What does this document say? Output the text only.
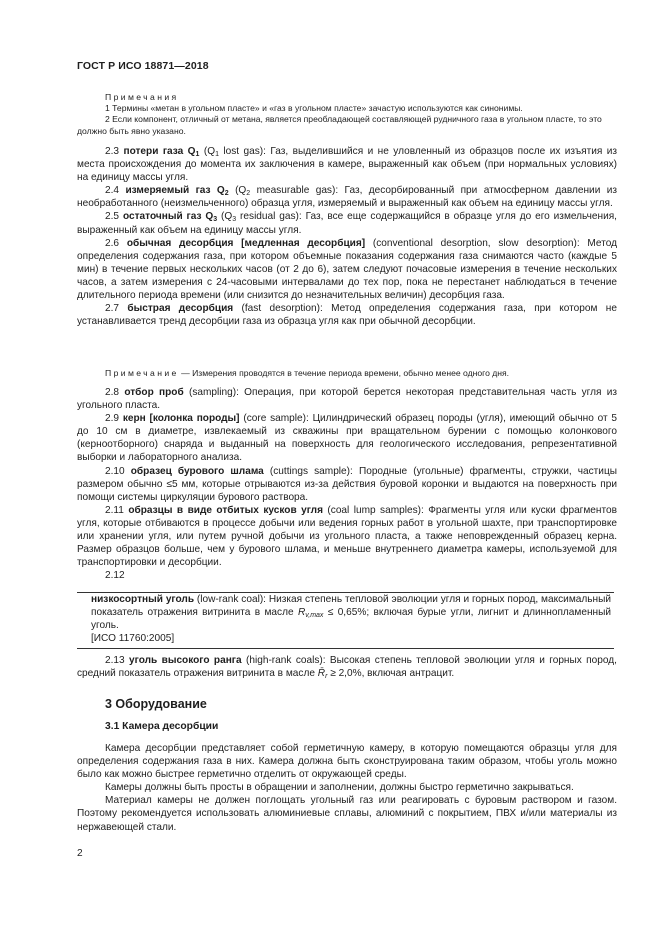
ГОСТ Р ИСО 18871—2018
Примечания
1 Термины «метан в угольном пласте» и «газ в угольном пласте» зачастую используются как синонимы.
2 Если компонент, отличный от метана, является преобладающей составляющей рудничного газа в угольном пласте, то это должно быть явно указано.

2.3 потери газа $Q_1$ ($Q_1$ lost gas): Газ, выделившийся и не уловленный из образцов после их изъятия из места происхождения до момента их заключения в камере, выраженный как объем (при нормальных условиях) на единицу массы угля.

2.4 измеряемый газ $Q_2$ ($Q_2$ measurable gas): Газ, десорбированный при атмосферном давлении из необработанного (неизмельченного) образца угля, измеряемый и выраженный как объем на единицу массы угля.

2.5 остаточный газ $Q_3$ ($Q_3$ residual gas): Газ, все еще содержащийся в образце угля до его измельчения, выраженный как объем на единицу массы угля.

2.6 обычная десорбция [медленная десорбция] (conventional desorption, slow desorption): Метод определения содержания газа, при котором объемные показания содержания газа снимаются часто (каждые 5 мин) в течение первых нескольких часов (от 2 до 6), затем следуют почасовые измерения в течение нескольких часов, а затем измерения с 24-часовыми интервалами до тех пор, пока не перестанет наблюдаться в течение длительного периода времени (или снизится до незначительных величин) десорбция газа.

2.7 быстрая десорбция (fast desorption): Метод определения содержания газа, при котором не устанавливается тренд десорбции газа из образца угля как при обычной десорбции.

Примечание — Измерения проводятся в течение периода времени, обычно менее одного дня.

2.8 отбор проб (sampling): Операция, при которой берется некоторая представительная часть угля из угольного пласта.

2.9 керн [колонка породы] (core sample): Цилиндрический образец породы (угля), имеющий обычно от 5 до 10 см в диаметре, извлекаемый из скважины при вращательном бурении с помощью колонкового (керноотборного) снаряда и выданный на поверхность для геологического исследования, репрезентативной выборки и лабораторного анализа.

2.10 образец бурового шлама (cuttings sample): Породные (угольные) фрагменты, стружки, частицы размером обычно ≤5 мм, которые отрываются из-за действия буровой коронки и выдаются на поверхность при помощи системы циркуляции бурового раствора.

2.11 образцы в виде отбитых кусков угля (coal lump samples): Фрагменты угля или куски фрагментов угля, которые отбиваются в процессе добычи или ведения горных работ в угольной шахте, при транспортировке или хранении угля, или путем ручной добычи из угольного пласта, а также неповрежденный образец керна. Размер образцов больше, чем у бурового шлама, и меньше внутреннего диаметра камеры, используемой для транспортировки и десорбции.

2.12

низкосортный уголь (low-rank coal): Низкая степень тепловой эволюции угля и горных пород, максимальный показатель отражения витринита в масле $R_{v,max} \le 0,65\%$; включая бурые угли, лигнит и длиннопламенный уголь.

[ИСО 11760:2005]

2.13 уголь высокого ранга (high-rank coals): Высокая степень тепловой эволюции угля и горных пород, средний показатель отражения витринита в масле $R̄_r \ge 2,0\%$, включая антрацит.

3 Оборудование
3.1 Камера десорбции

Камера десорбции представляет собой герметичную камеру, в которую помещаются образцы угля для определения содержания газа в них. Камера должна быть сконструирована таким образом, чтобы уголь можно было как можно быстрее герметично отделить от окружающей среды.

Камеры должны быть просты в обращении и заполнении, должны быстро герметично закрываться.

Материал камеры не должен поглощать угольный газ или реагировать с буровым раствором и газом. Поэтому рекомендуется использовать алюминиевые сплавы, алюминий с покрытием, ПВХ и/или материалы из нержавеющей стали.

2
